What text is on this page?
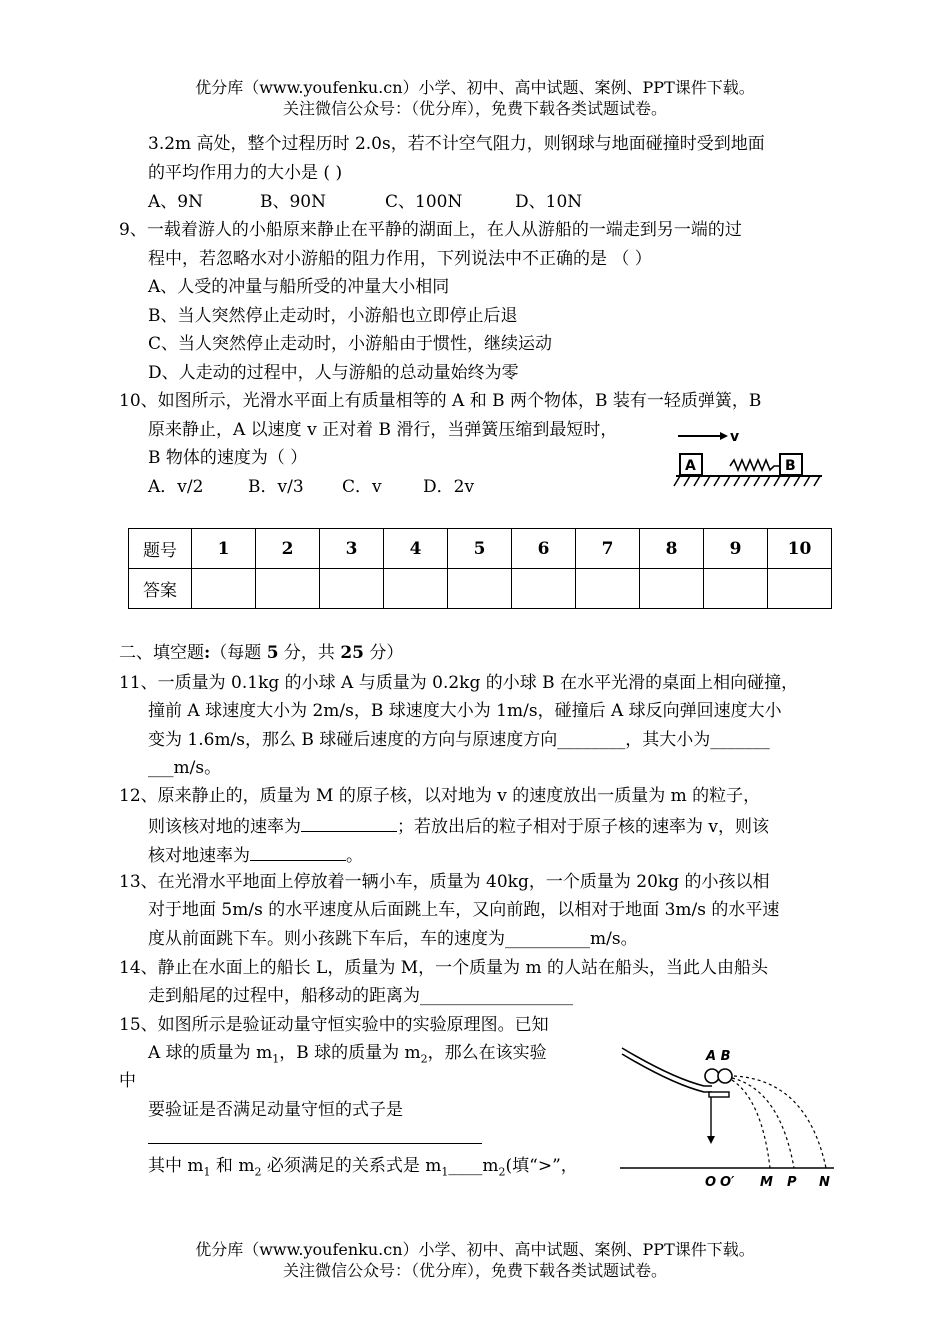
优分库（www.youfenku.cn）小学、初中、高中试题、案例、PPT课件下载。
关注微信公众号：（优分库），免费下载各类试题试卷。
3.2m 高处，整个过程历时 2.0s，若不计空气阻力，则钢球与地面碰撞时受到地面
的平均作用力的大小是 ( )
A、9N	B、90N	C、100N	D、10N
9、一载着游人的小船原来静止在平静的湖面上，在人从游船的一端走到另一端的过
程中，若忽略水对小游船的阻力作用，下列说法中不正确的是 （ ）
A、人受的冲量与船所受的冲量大小相同
B、当人突然停止走动时，小游船也立即停止后退
C、当人突然停止走动时，小游船由于惯性，继续运动
D、人走动的过程中，人与游船的总动量始终为零
10、如图所示，光滑水平面上有质量相等的 A 和 B 两个物体，B 装有一轻质弹簧，B
原来静止，A 以速度 v 正对着 B 滑行，当弹簧压缩到最短时，
B 物体的速度为（ ）
A．v/2	B．v/3 C．v D．2v
v
A	B
题号	1	2	3	4	5	6	7	8	9	10
答案										
二、填空题:（每题 5 分，共 25 分）
11、一质量为 0.1kg 的小球 A 与质量为 0.2kg 的小球 B 在水平光滑的桌面上相向碰撞，
撞前 A 球速度大小为 2m/s，B 球速度大小为 1m/s，碰撞后 A 球反向弹回速度大小
变为 1.6m/s，那么 B 球碰后速度的方向与原速度方向________，其大小为_______
___m/s。
12、原来静止的，质量为 M 的原子核，以对地为 v 的速度放出一质量为 m 的粒子，
则该核对地的速率为	；若放出后的粒子相对于原子核的速率为 v，则该
核对地速率为	。
13、在光滑水平地面上停放着一辆小车，质量为 40kg，一个质量为 20kg 的小孩以相
对于地面 5m/s 的水平速度从后面跳上车，又向前跑，以相对于地面 3m/s 的水平速
度从前面跳下车。则小孩跳下车后，车的速度为__________m/s。
14、静止在水面上的船长 L，质量为 M，一个质量为 m 的人站在船头，当此人由船头
走到船尾的过程中，船移动的距离为__________________
15、如图所示是验证动量守恒实验中的实验原理图。已知
A 球的质量为 $m_1$，B 球的质量为 $m_2$，那么在该实验
中
要验证是否满足动量守恒的式子是
其中 $m_1$ 和 $m_2$ 必须满足的关系式是 $m_1\_\_\_\_m_2$(填“>”，
A B
O O′ M P N
优分库（www.youfenku.cn）小学、初中、高中试题、案例、PPT课件下载。
关注微信公众号：（优分库），免费下载各类试题试卷。
